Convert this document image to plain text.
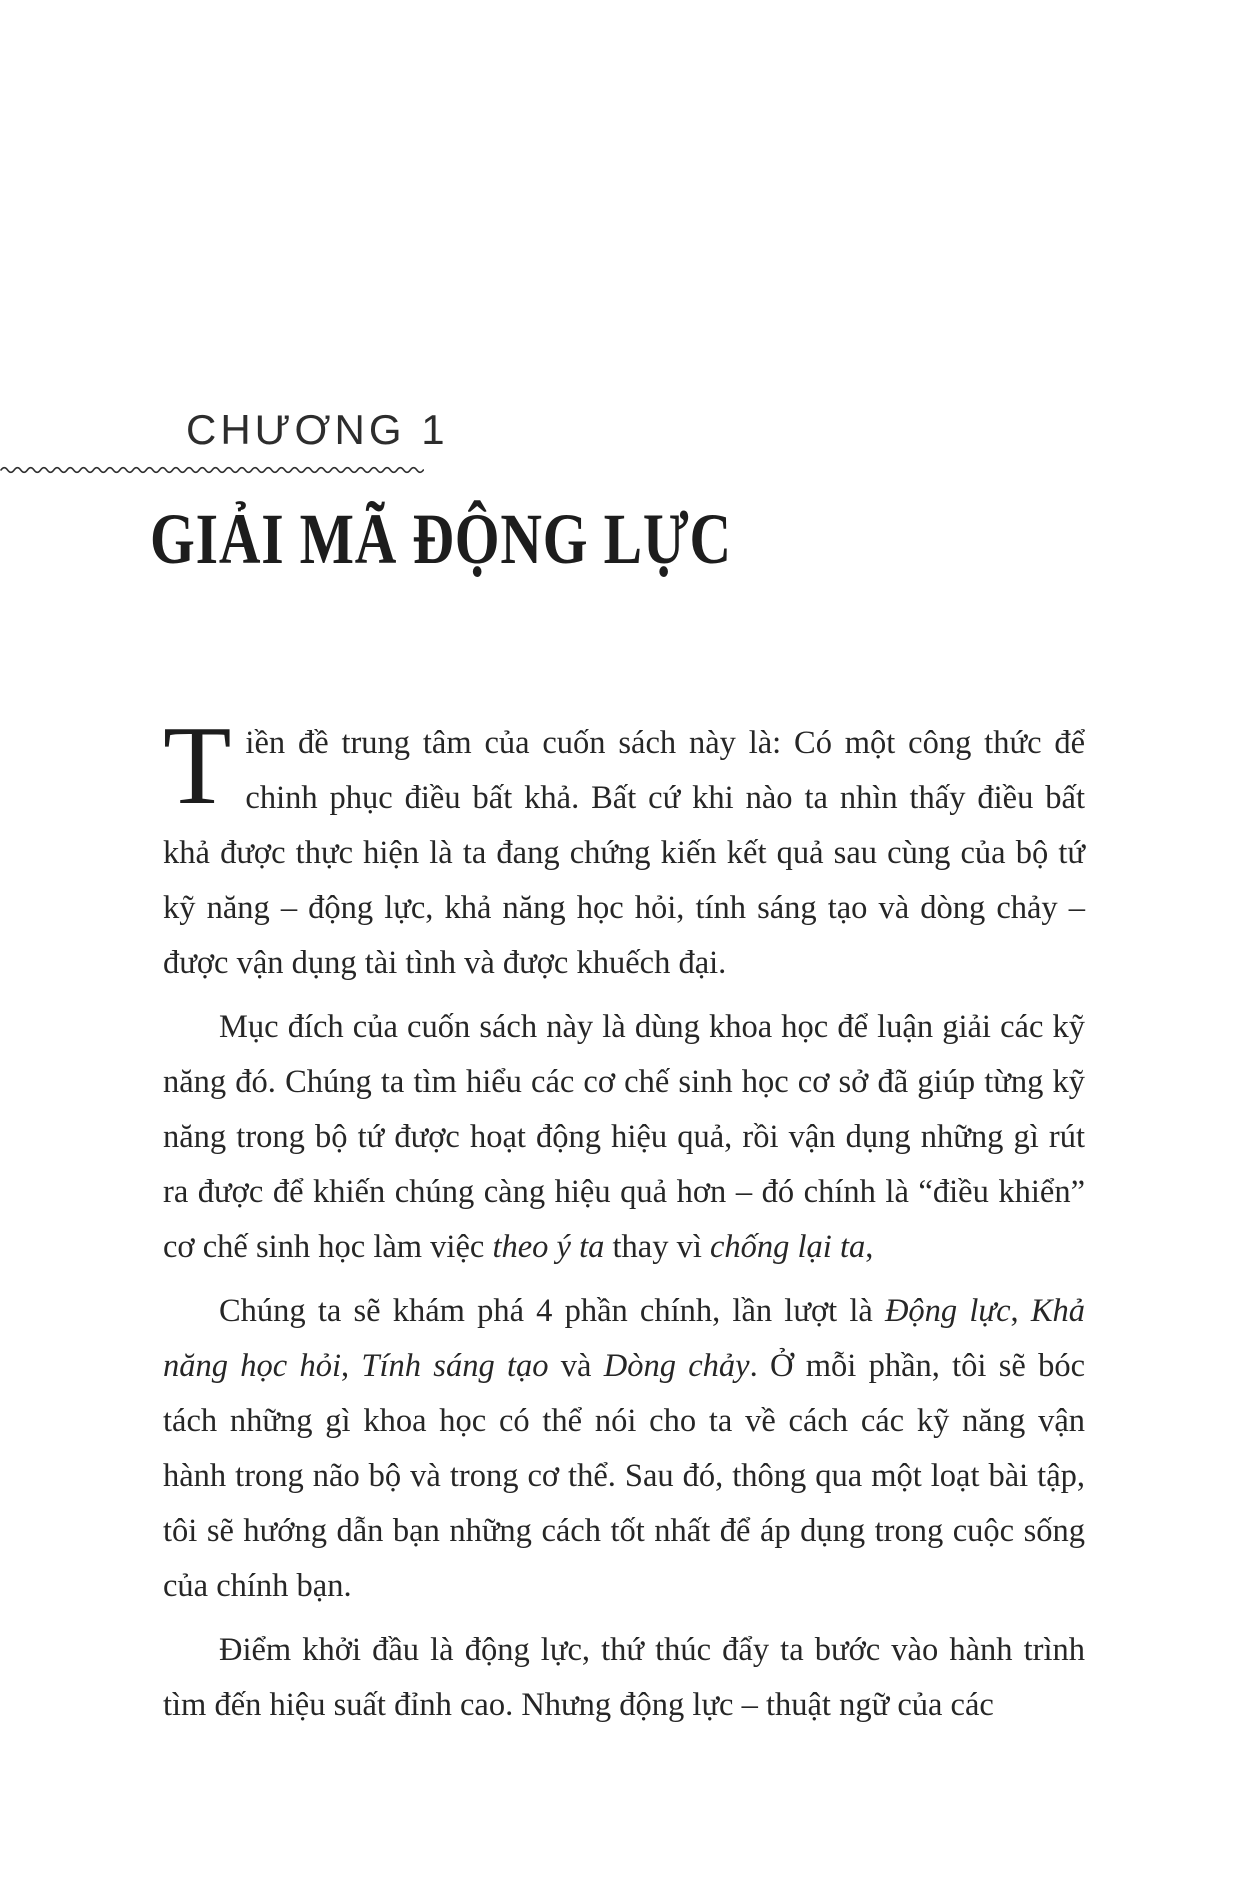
CHƯƠNG 1
GIẢI MÃ ĐỘNG LỰC

Tiền đề trung tâm của cuốn sách này là: Có một công thức để chinh phục điều bất khả. Bất cứ khi nào ta nhìn thấy điều bất khả được thực hiện là ta đang chứng kiến kết quả sau cùng của bộ tứ kỹ năng – động lực, khả năng học hỏi, tính sáng tạo và dòng chảy – được vận dụng tài tình và được khuếch đại.

Mục đích của cuốn sách này là dùng khoa học để luận giải các kỹ năng đó. Chúng ta tìm hiểu các cơ chế sinh học cơ sở đã giúp từng kỹ năng trong bộ tứ được hoạt động hiệu quả, rồi vận dụng những gì rút ra được để khiến chúng càng hiệu quả hơn – đó chính là “điều khiển” cơ chế sinh học làm việc theo ý ta thay vì chống lại ta,

Chúng ta sẽ khám phá 4 phần chính, lần lượt là Động lực, Khả năng học hỏi, Tính sáng tạo và Dòng chảy. Ở mỗi phần, tôi sẽ bóc tách những gì khoa học có thể nói cho ta về cách các kỹ năng vận hành trong não bộ và trong cơ thể. Sau đó, thông qua một loạt bài tập, tôi sẽ hướng dẫn bạn những cách tốt nhất để áp dụng trong cuộc sống của chính bạn.

Điểm khởi đầu là động lực, thứ thúc đẩy ta bước vào hành trình tìm đến hiệu suất đỉnh cao. Nhưng động lực – thuật ngữ của các
